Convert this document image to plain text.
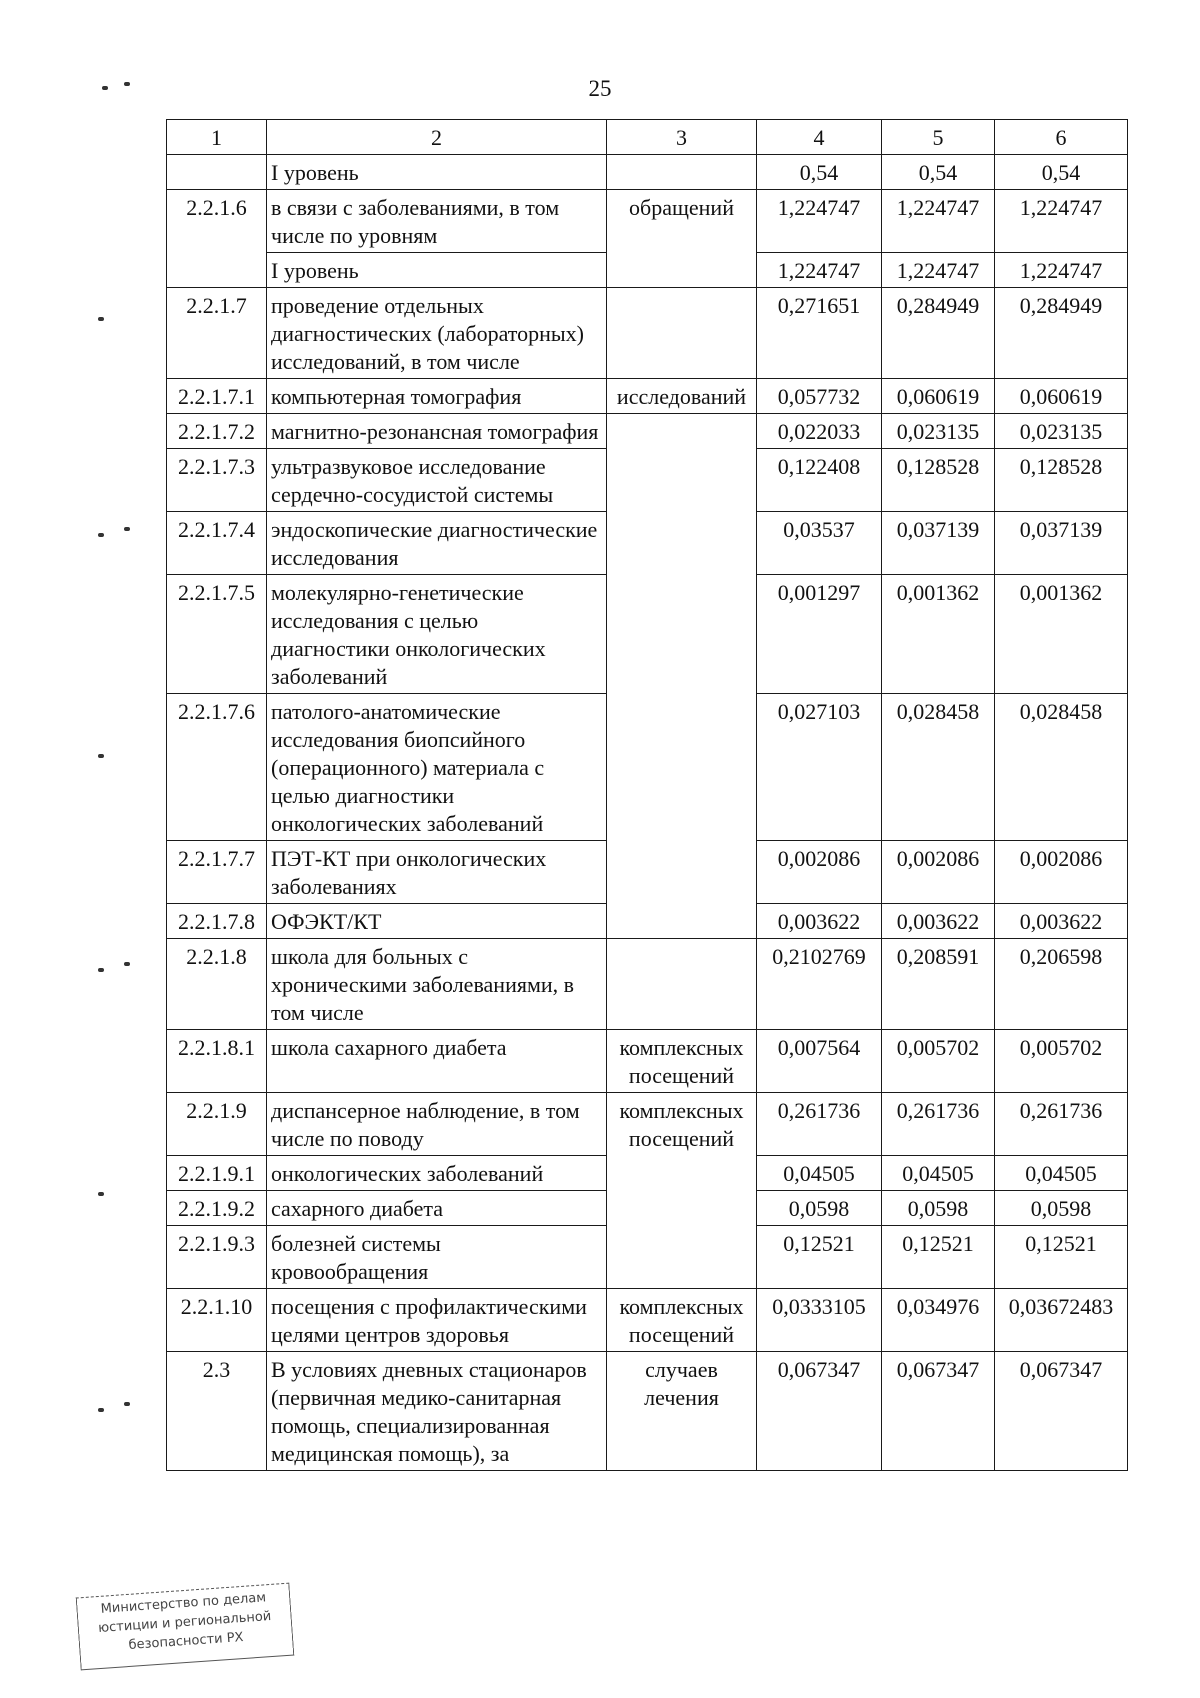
25
1	2	3	4	5	6
	I уровень		0,54	0,54	0,54
2.2.1.6	в связи с заболеваниями, в том числе по уровням	обращений	1,224747	1,224747	1,224747
	I уровень		1,224747	1,224747	1,224747
2.2.1.7	проведение отдельных диагностических (лабораторных) исследований, в том числе		0,271651	0,284949	0,284949
2.2.1.7.1	компьютерная томография	исследований	0,057732	0,060619	0,060619
2.2.1.7.2	магнитно-резонансная томография		0,022033	0,023135	0,023135
2.2.1.7.3	ультразвуковое исследование сердечно-сосудистой системы		0,122408	0,128528	0,128528
2.2.1.7.4	эндоскопические диагностические исследования		0,03537	0,037139	0,037139
2.2.1.7.5	молекулярно-генетические исследования с целью диагностики онкологических заболеваний		0,001297	0,001362	0,001362
2.2.1.7.6	патолого-анатомические исследования биопсийного (операционного) материала с целью диагностики онкологических заболеваний		0,027103	0,028458	0,028458
2.2.1.7.7	ПЭТ-КТ при онкологических заболеваниях		0,002086	0,002086	0,002086
2.2.1.7.8	ОФЭКТ/КТ		0,003622	0,003622	0,003622
2.2.1.8	школа для больных с хроническими заболеваниями, в том числе		0,2102769	0,208591	0,206598
2.2.1.8.1	школа сахарного диабета	комплексных посещений	0,007564	0,005702	0,005702
2.2.1.9	диспансерное наблюдение, в том числе по поводу	комплексных посещений	0,261736	0,261736	0,261736
2.2.1.9.1	онкологических заболеваний		0,04505	0,04505	0,04505
2.2.1.9.2	сахарного диабета		0,0598	0,0598	0,0598
2.2.1.9.3	болезней системы кровообращения		0,12521	0,12521	0,12521
2.2.1.10	посещения с профилактическими целями центров здоровья	комплексных посещений	0,0333105	0,034976	0,03672483
2.3	В условиях дневных стационаров (первичная медико-санитарная помощь, специализированная медицинская помощь), за	случаев лечения	0,067347	0,067347	0,067347
Министерство по делам
юстиции и региональной
безопасности РХ
